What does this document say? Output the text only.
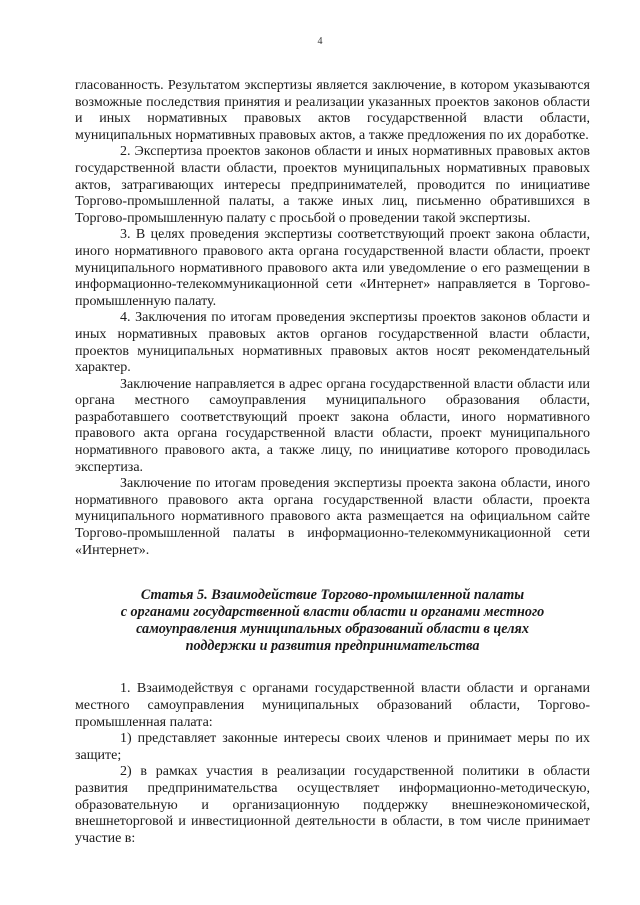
4

гласованность. Результатом экспертизы является заключение, в котором указываются возможные последствия принятия и реализации указанных проектов законов области и иных нормативных правовых актов государственной власти области, муниципальных нормативных правовых актов, а также предложения по их доработке.

2. Экспертиза проектов законов области и иных нормативных правовых актов государственной власти области, проектов муниципальных нормативных правовых актов, затрагивающих интересы предпринимателей, проводится по инициативе Торгово-промышленной палаты, а также иных лиц, письменно обратившихся в Торгово-промышленную палату с просьбой о проведении такой экспертизы.

3. В целях проведения экспертизы соответствующий проект закона области, иного нормативного правового акта органа государственной власти области, проект муниципального нормативного правового акта или уведомление о его размещении в информационно-телекоммуникационной сети «Интернет» направляется в Торгово-промышленную палату.

4. Заключения по итогам проведения экспертизы проектов законов области и иных нормативных правовых актов органов государственной власти области, проектов муниципальных нормативных правовых актов носят рекомендательный характер.

Заключение направляется в адрес органа государственной власти области или органа местного самоуправления муниципального образования области, разработавшего соответствующий проект закона области, иного нормативного правового акта органа государственной власти области, проект муниципального нормативного правового акта, а также лицу, по инициативе которого проводилась экспертиза.

Заключение по итогам проведения экспертизы проекта закона области, иного нормативного правового акта органа государственной власти области, проекта муниципального нормативного правового акта размещается на официальном сайте Торгово-промышленной палаты в информационно-телекоммуникационной сети «Интернет».

Статья 5. Взаимодействие Торгово-промышленной палаты
с органами государственной власти области и органами местного
самоуправления муниципальных образований области в целях
поддержки и развития предпринимательства

1. Взаимодействуя с органами государственной власти области и органами местного самоуправления муниципальных образований области, Торгово-промышленная палата:

1) представляет законные интересы своих членов и принимает меры по их защите;

2) в рамках участия в реализации государственной политики в области развития предпринимательства осуществляет информационно-методическую, образовательную и организационную поддержку внешнеэкономической, внешнеторговой и инвестиционной деятельности в области, в том числе принимает участие в:
